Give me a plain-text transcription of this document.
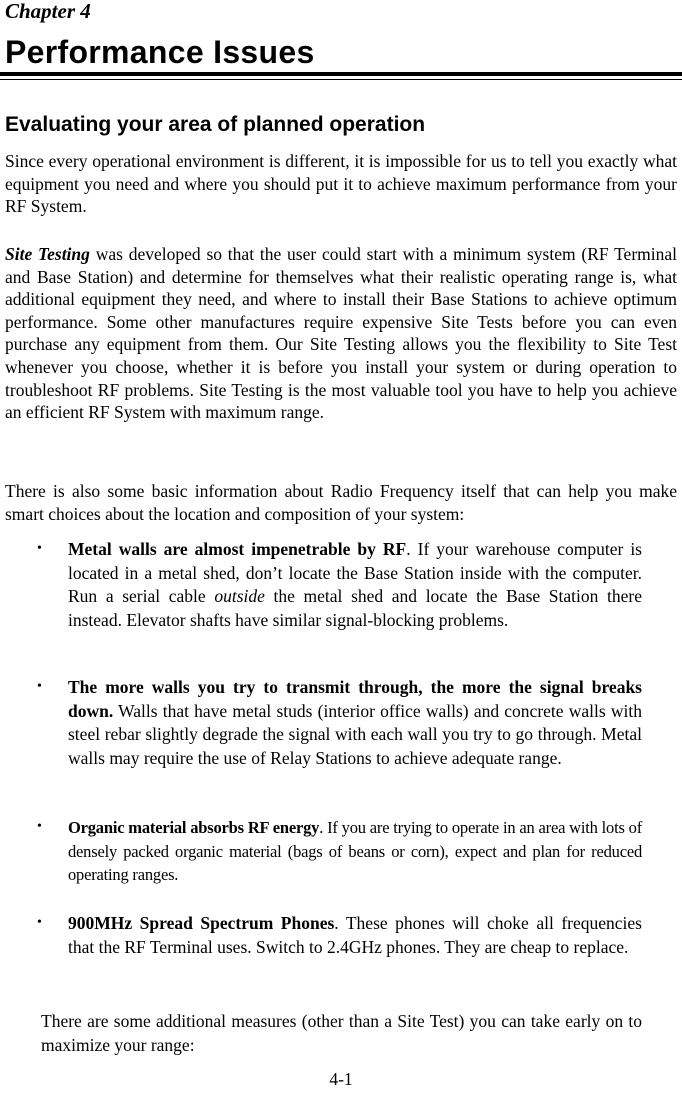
Chapter 4

Performance Issues
Evaluating your area of planned operation

Since every operational environment is different, it is impossible for us to tell you exactly what equipment you need and where you should put it to achieve maximum performance from your RF System.

Site Testing was developed so that the user could start with a minimum system (RF Terminal and Base Station) and determine for themselves what their realistic operating range is, what additional equipment they need, and where to install their Base Stations to achieve optimum performance. Some other manufactures require expensive Site Tests before you can even purchase any equipment from them. Our Site Testing allows you the flexibility to Site Test whenever you choose, whether it is before you install your system or during operation to troubleshoot RF problems. Site Testing is the most valuable tool you have to help you achieve an efficient RF System with maximum range.

There is also some basic information about Radio Frequency itself that can help you make smart choices about the location and composition of your system:

• Metal walls are almost impenetrable by RF. If your warehouse computer is located in a metal shed, don’t locate the Base Station inside with the computer. Run a serial cable outside the metal shed and locate the Base Station there instead. Elevator shafts have similar signal-blocking problems.

• The more walls you try to transmit through, the more the signal breaks down. Walls that have metal studs (interior office walls) and concrete walls with steel rebar slightly degrade the signal with each wall you try to go through. Metal walls may require the use of Relay Stations to achieve adequate range.

• Organic material absorbs RF energy. If you are trying to operate in an area with lots of densely packed organic material (bags of beans or corn), expect and plan for reduced operating ranges.

• 900MHz Spread Spectrum Phones. These phones will choke all frequencies that the RF Terminal uses. Switch to 2.4GHz phones. They are cheap to replace.

There are some additional measures (other than a Site Test) you can take early on to maximize your range:

4-1
